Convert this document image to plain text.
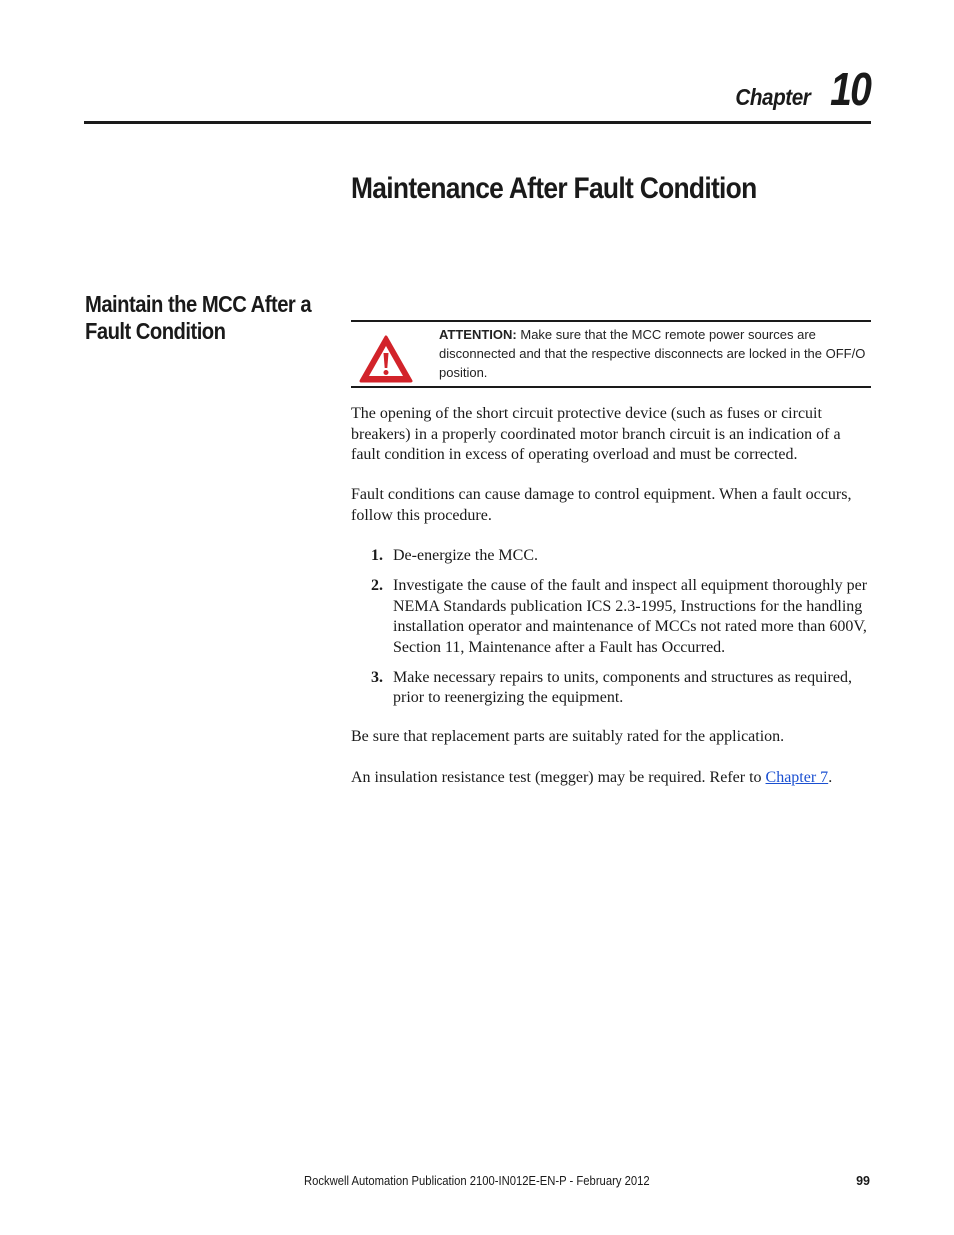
Chapter 10
Maintenance After Fault Condition
Maintain the MCC After a Fault Condition	ATTENTION: Make sure that the MCC remote power sources are disconnected and that the respective disconnects are locked in the OFF/O position.

The opening of the short circuit protective device (such as fuses or circuit breakers) in a properly coordinated motor branch circuit is an indication of a fault condition in excess of operating overload and must be corrected.

Fault conditions can cause damage to control equipment. When a fault occurs, follow this procedure.

1. De-energize the MCC.
2. Investigate the cause of the fault and inspect all equipment thoroughly per NEMA Standards publication ICS 2.3-1995, Instructions for the handling installation operator and maintenance of MCCs not rated more than 600V, Section 11, Maintenance after a Fault has Occurred.
3. Make necessary repairs to units, components and structures as required, prior to reenergizing the equipment.

Be sure that replacement parts are suitably rated for the application.

An insulation resistance test (megger) may be required. Refer to Chapter 7.

Rockwell Automation Publication 2100-IN012E-EN-P - February 2012	99
